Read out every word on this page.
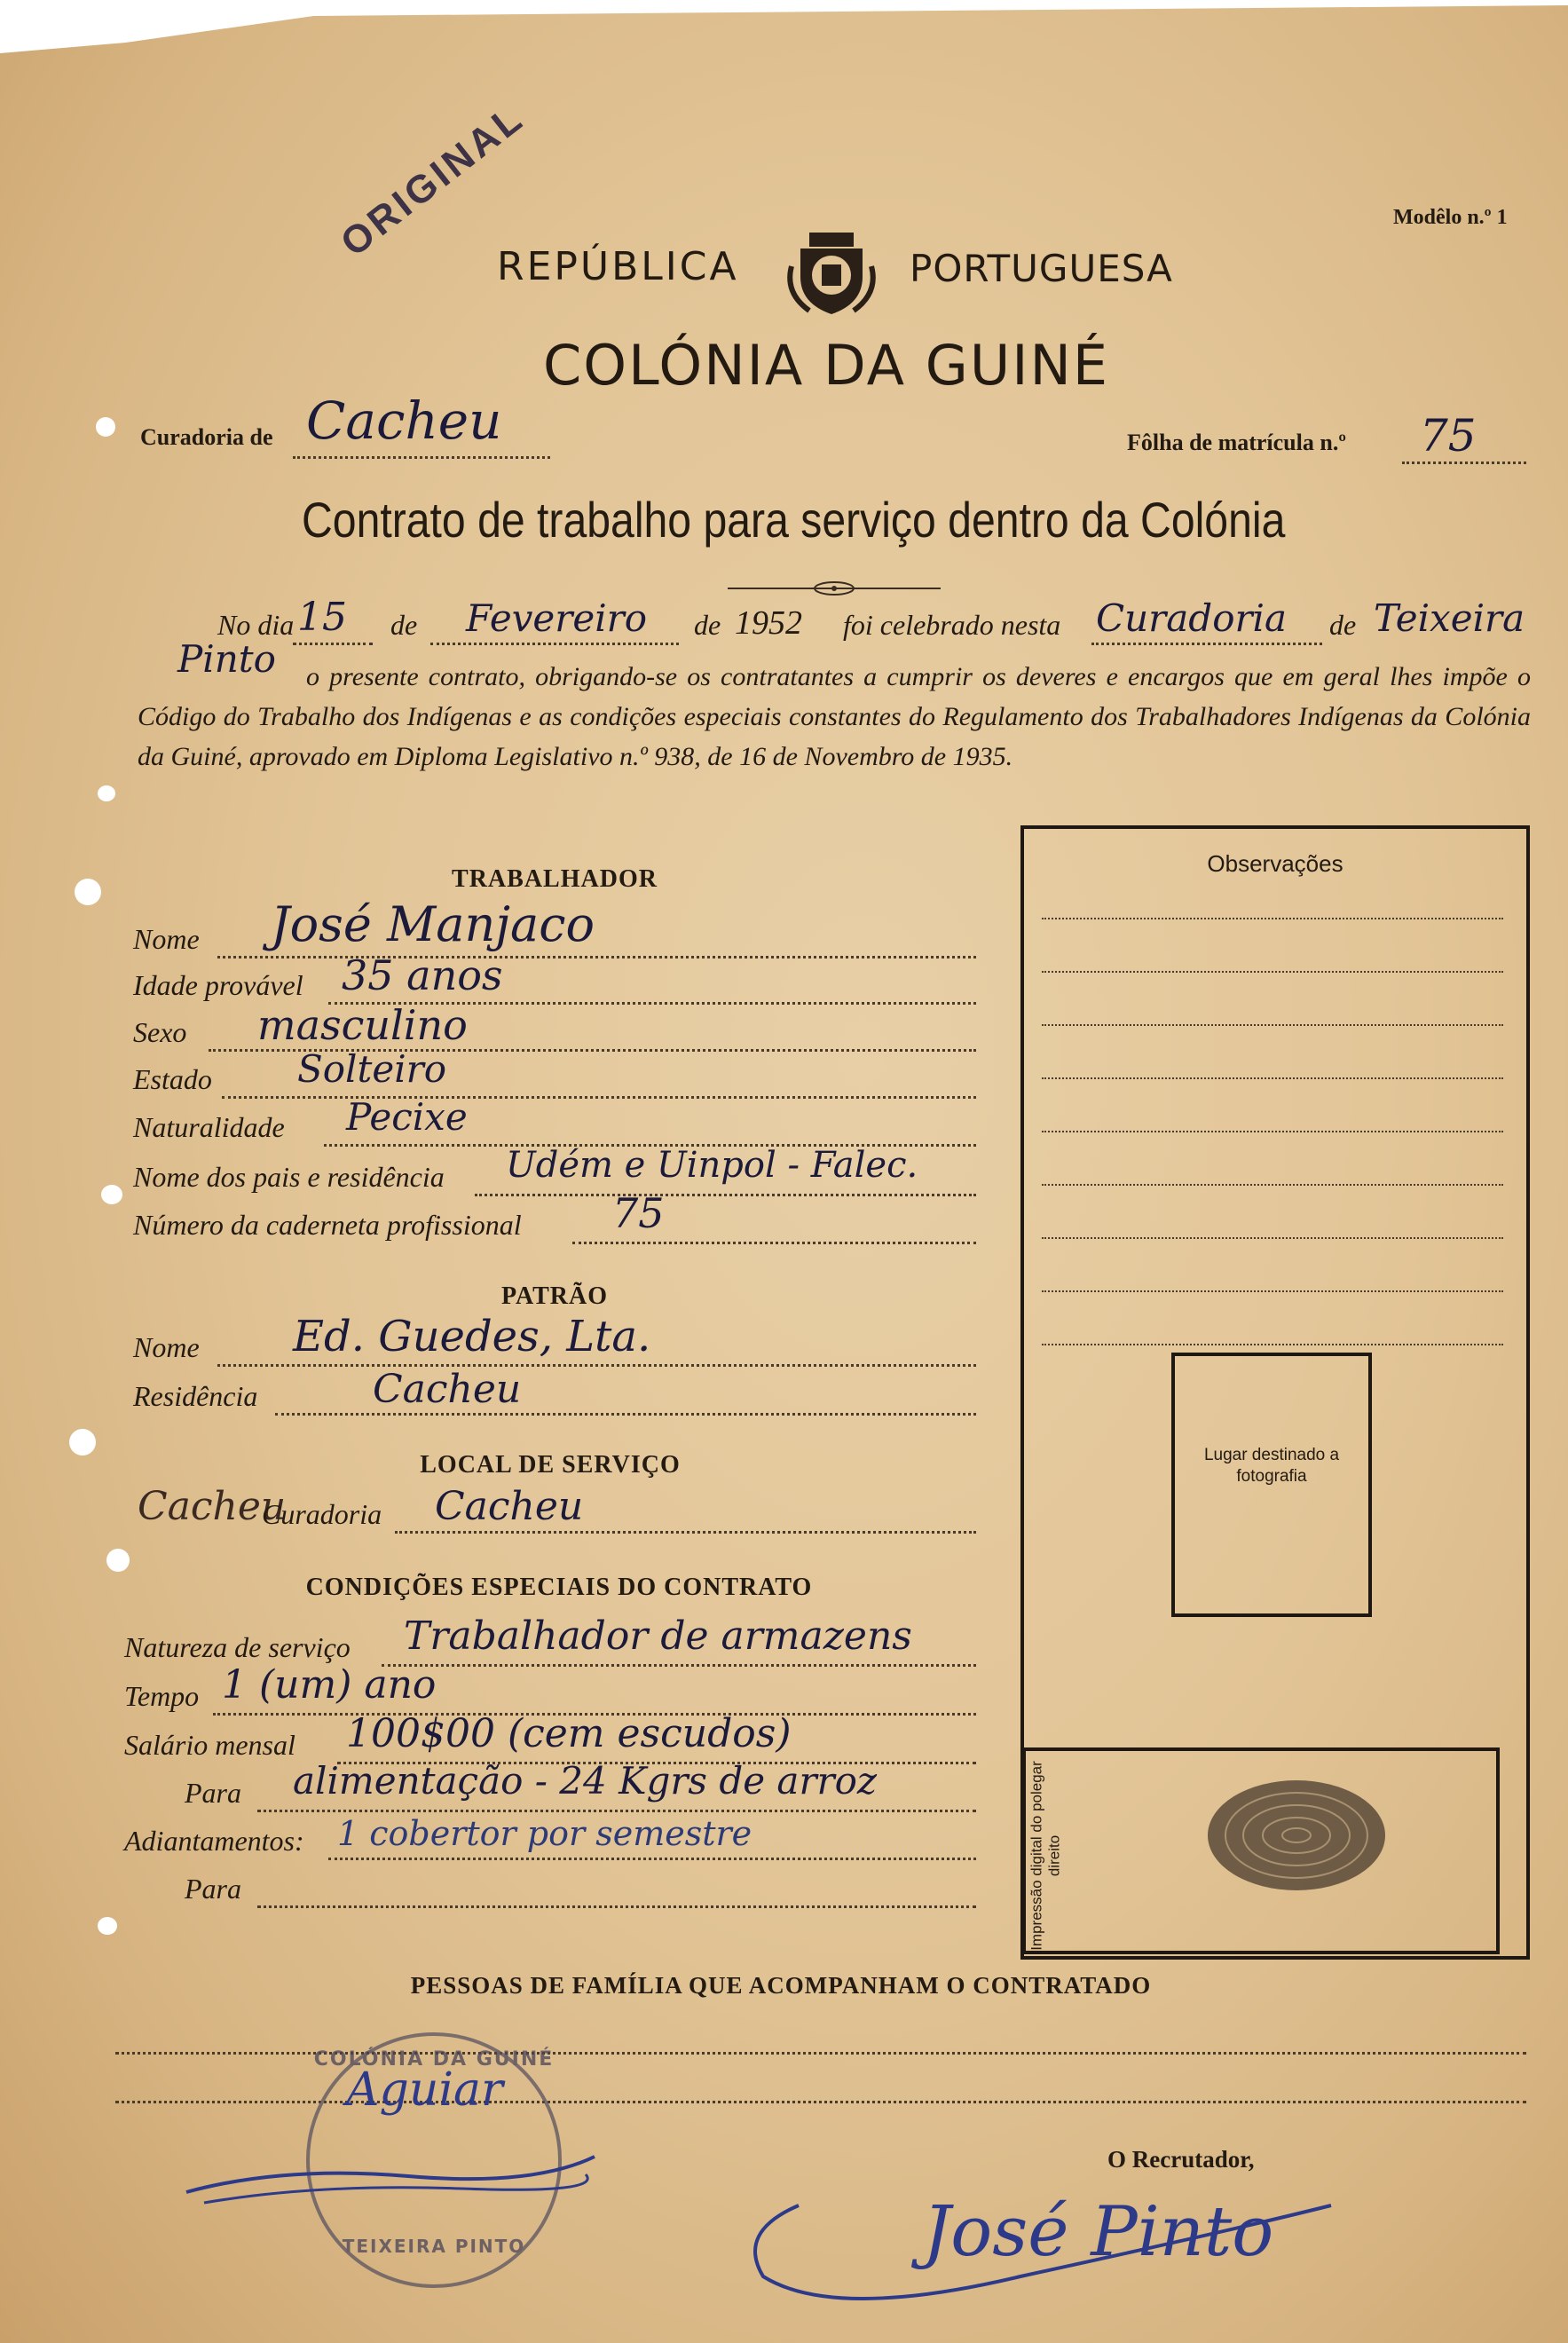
Modêlo n.º 1
ORIGINAL
REPÚBLICA	PORTUGUESA
COLÓNIA DA GUINÉ
Curadoria de Cacheu	Fôlha de matrícula n.º 75
Contrato de trabalho para serviço dentro da Colónia
No dia 15 de Fevereiro de 1952 foi celebrado nesta Curadoria de Teixeira
Pinto	o presente contrato, obrigando-se os contratantes a cumprir os deveres e encargos que em geral lhes impõe o Código do Trabalho dos Indígenas e as condições especiais constantes do Regulamento dos Trabalhadores Indígenas da Colónia da Guiné, aprovado em Diploma Legislativo n.º 938, de 16 de Novembro de 1935.
TRABALHADOR
Nome José Manjaco
Idade provável 35 anos
Sexo masculino
Estado Solteiro
Naturalidade Pecixe
Nome dos pais e residência Udém e Uinpol - Falec.
Número da caderneta profissional 75
PATRÃO
Nome Ed. Guedes, Lta.
Residência	Cacheu
LOCAL DE SERVIÇO
Cacheu
Curadoria Cacheu
CONDIÇÕES ESPECIAIS DO CONTRATO
Natureza de serviço Trabalhador de armazens
Tempo 1 (um) ano
Salário mensal 100$00 (cem escudos)
Para alimentação - 24 Kgrs de arroz
Adiantamentos: 1 cobertor por semestre
Para
Observações
Lugar destinado a fotografia
Impressão digital do polegar direito
PESSOAS DE FAMÍLIA QUE ACOMPANHAM O CONTRATADO
COLÓNIA DA GUINÉ
TEIXEIRA PINTO
Aguiar
O Recrutador,
José Pinto
